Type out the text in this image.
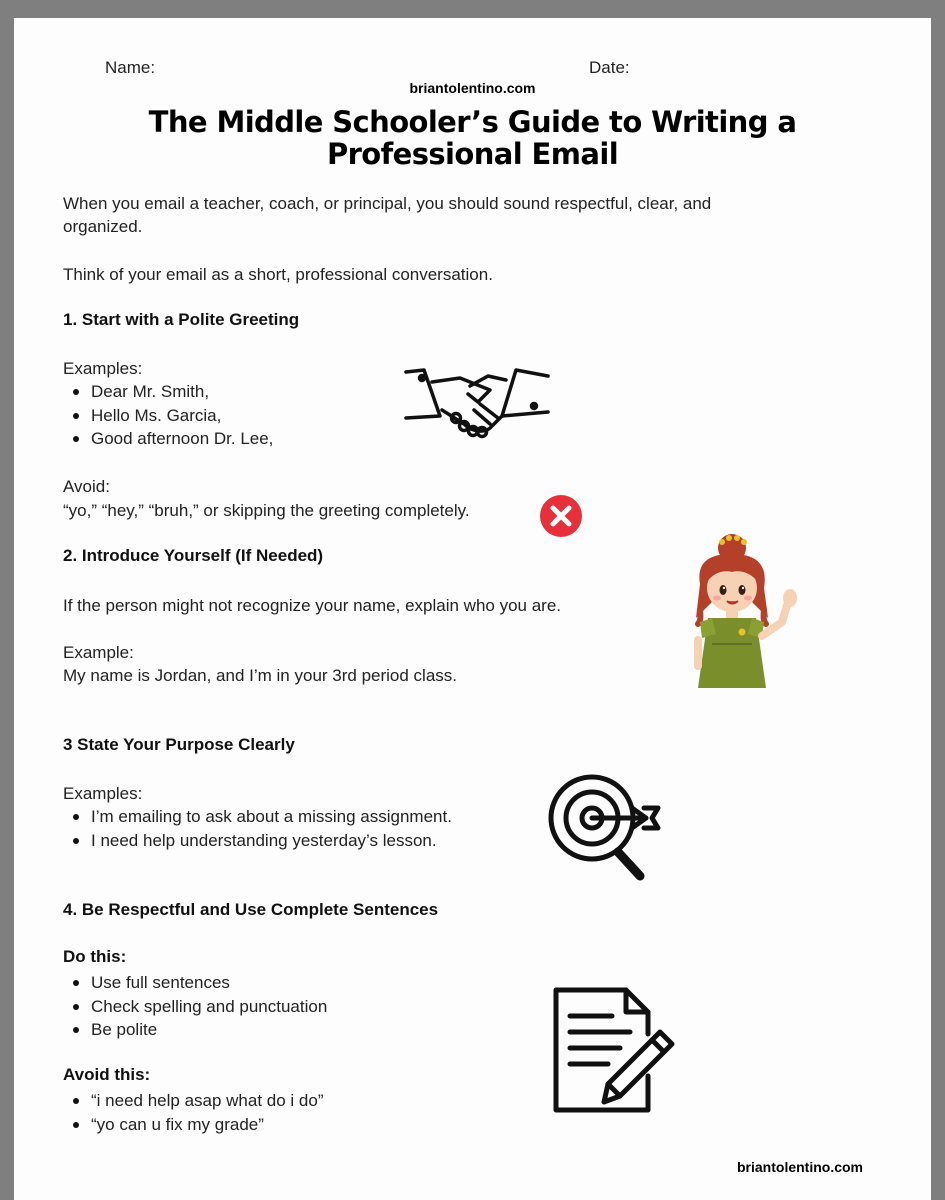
Name:	Date:
briantolentino.com
The Middle Schooler’s Guide to Writing a
Professional Email
When you email a teacher, coach, or principal, you should sound respectful, clear, and
organized.
Think of your email as a short, professional conversation.
1. Start with a Polite Greeting
Examples:
Dear Mr. Smith,
Hello Ms. Garcia,
Good afternoon Dr. Lee,
Avoid:
“yo,” “hey,” “bruh,” or skipping the greeting completely.
2. Introduce Yourself (If Needed)
If the person might not recognize your name, explain who you are.
Example:
My name is Jordan, and I’m in your 3rd period class.
3 State Your Purpose Clearly
Examples:
I’m emailing to ask about a missing assignment.
I need help understanding yesterday’s lesson.
4. Be Respectful and Use Complete Sentences
Do this:
Use full sentences
Check spelling and punctuation
Be polite
Avoid this:
“i need help asap what do i do”
“yo can u fix my grade”
briantolentino.com
